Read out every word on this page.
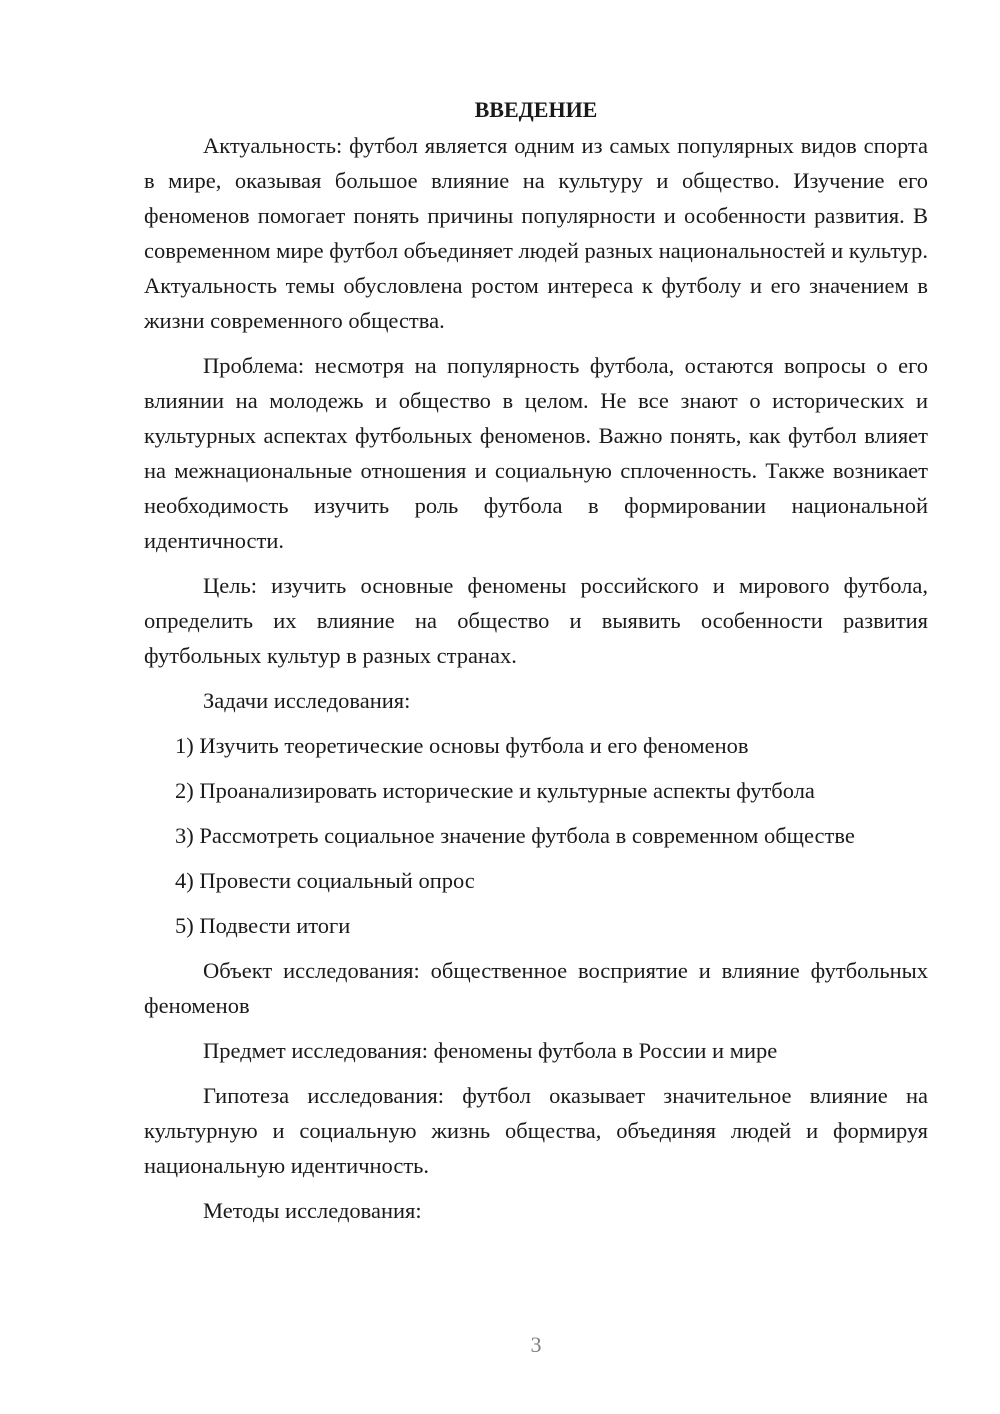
ВВЕДЕНИЕ

Актуальность: футбол является одним из самых популярных видов спорта в мире, оказывая большое влияние на культуру и общество. Изучение его феноменов помогает понять причины популярности и особенности развития. В современном мире футбол объединяет людей разных национальностей и культур. Актуальность темы обусловлена ростом интереса к футболу и его значением в жизни современного общества.

Проблема: несмотря на популярность футбола, остаются вопросы о его влиянии на молодежь и общество в целом. Не все знают о исторических и культурных аспектах футбольных феноменов. Важно понять, как футбол влияет на межнациональные отношения и социальную сплоченность. Также возникает необходимость изучить роль футбола в формировании национальной идентичности.

Цель: изучить основные феномены российского и мирового футбола, определить их влияние на общество и выявить особенности развития футбольных культур в разных странах.

Задачи исследования:
1) Изучить теоретические основы футбола и его феноменов
2) Проанализировать исторические и культурные аспекты футбола
3) Рассмотреть социальное значение футбола в современном обществе
4) Провести социальный опрос
5) Подвести итоги

Объект исследования: общественное восприятие и влияние футбольных феноменов

Предмет исследования: феномены футбола в России и мире

Гипотеза исследования: футбол оказывает значительное влияние на культурную и социальную жизнь общества, объединяя людей и формируя национальную идентичность.

Методы исследования:
3
